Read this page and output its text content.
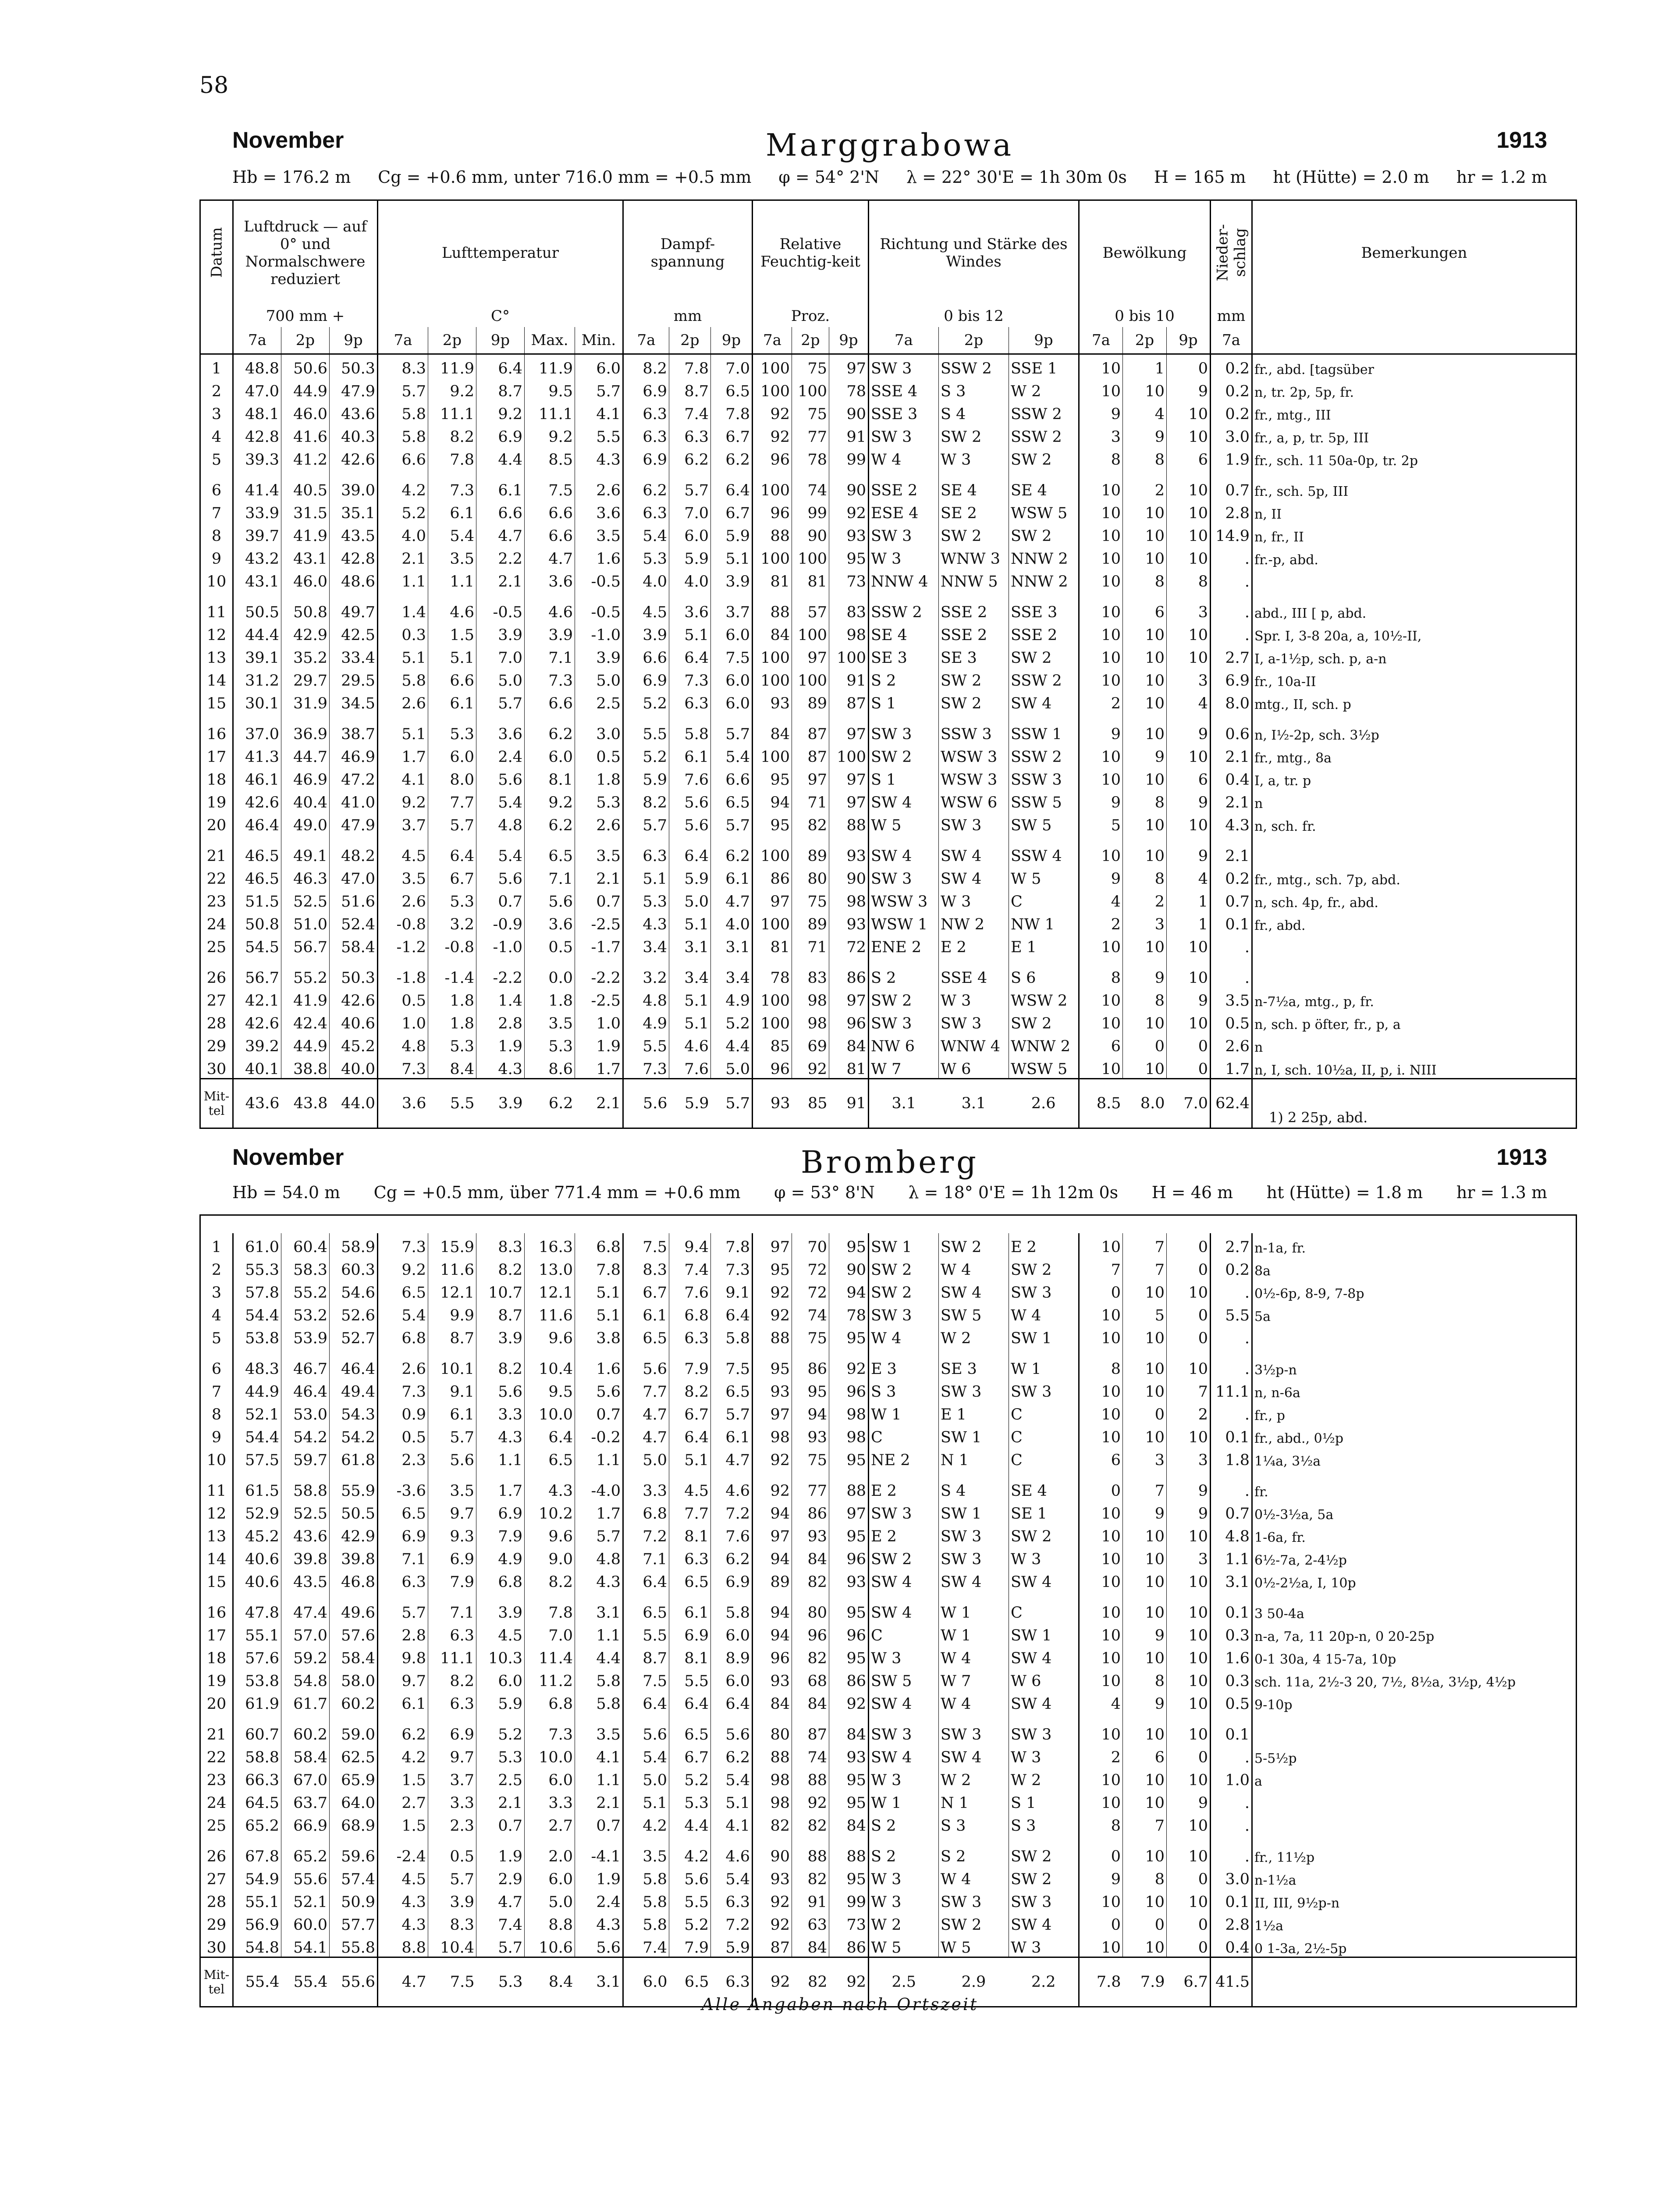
58
November	Marggrabowa	1913
Hb = 176.2 m Cg = +0.6 mm, unter 716.0 mm = +0.5 mm φ = 54° 2'N λ = 22° 30'E = 1h 30m 0s H = 165 m ht (Hütte) = 2.0 m hr = 1.2 m
Datum	Luftdruck — auf 0° und Normalschwere reduziert			Lufttemperatur					Dampf-spannung			Relative Feuchtig-keit			Richtung und Stärke des Windes			Bewölkung			Nieder-schlag	Bemerkungen
	700 mm +			C°					mm			Proz.			0 bis 12			0 bis 10			mm	
	7a	2p	9p	7a	2p	9p	Max.	Min.	7a	2p	9p	7a	2p	9p	7a	2p	9p	7a	2p	9p	7a	
1	48.8	50.6	50.3	8.3	11.9	6.4	11.9	6.0	8.2	7.8	7.0	100	75	97	SW 3	SSW 2	SSE 1	10	1	0	0.2	fr., abd. [tagsüber
2	47.0	44.9	47.9	5.7	9.2	8.7	9.5	5.7	6.9	8.7	6.5	100	100	78	SSE 4	S 3	W 2	10	10	9	0.2	n, tr. 2p, 5p, fr.
3	48.1	46.0	43.6	5.8	11.1	9.2	11.1	4.1	6.3	7.4	7.8	92	75	90	SSE 3	S 4	SSW 2	9	4	10	0.2	fr., mtg., III
4	42.8	41.6	40.3	5.8	8.2	6.9	9.2	5.5	6.3	6.3	6.7	92	77	91	SW 3	SW 2	SSW 2	3	9	10	3.0	fr., a, p, tr. 5p, III
5	39.3	41.2	42.6	6.6	7.8	4.4	8.5	4.3	6.9	6.2	6.2	96	78	99	W 4	W 3	SW 2	8	8	6	1.9	fr., sch. 11 50a-0p, tr. 2p
6	41.4	40.5	39.0	4.2	7.3	6.1	7.5	2.6	6.2	5.7	6.4	100	74	90	SSE 2	SE 4	SE 4	10	2	10	0.7	fr., sch. 5p, III
7	33.9	31.5	35.1	5.2	6.1	6.6	6.6	3.6	6.3	7.0	6.7	96	99	92	ESE 4	SE 2	WSW 5	10	10	10	2.8	n, II
8	39.7	41.9	43.5	4.0	5.4	4.7	6.6	3.5	5.4	6.0	5.9	88	90	93	SW 3	SW 2	SW 2	10	10	10	14.9	n, fr., II
9	43.2	43.1	42.8	2.1	3.5	2.2	4.7	1.6	5.3	5.9	5.1	100	100	95	W 3	WNW 3	NNW 2	10	10	10	.	fr.-p, abd.
10	43.1	46.0	48.6	1.1	1.1	2.1	3.6	-0.5	4.0	4.0	3.9	81	81	73	NNW 4	NNW 5	NNW 2	10	8	8	.	
11	50.5	50.8	49.7	1.4	4.6	-0.5	4.6	-0.5	4.5	3.6	3.7	88	57	83	SSW 2	SSE 2	SSE 3	10	6	3	.	abd., III [ p, abd.
12	44.4	42.9	42.5	0.3	1.5	3.9	3.9	-1.0	3.9	5.1	6.0	84	100	98	SE 4	SSE 2	SSE 2	10	10	10	.	Spr. I, 3-8 20a, a, 10½-II,
13	39.1	35.2	33.4	5.1	5.1	7.0	7.1	3.9	6.6	6.4	7.5	100	97	100	SE 3	SE 3	SW 2	10	10	10	2.7	I, a-1½p, sch. p, a-n
14	31.2	29.7	29.5	5.8	6.6	5.0	7.3	5.0	6.9	7.3	6.0	100	100	91	S 2	SW 2	SSW 2	10	10	3	6.9	fr., 10a-II
15	30.1	31.9	34.5	2.6	6.1	5.7	6.6	2.5	5.2	6.3	6.0	93	89	87	S 1	SW 2	SW 4	2	10	4	8.0	mtg., II, sch. p
16	37.0	36.9	38.7	5.1	5.3	3.6	6.2	3.0	5.5	5.8	5.7	84	87	97	SW 3	SSW 3	SSW 1	9	10	9	0.6	n, I½-2p, sch. 3½p
17	41.3	44.7	46.9	1.7	6.0	2.4	6.0	0.5	5.2	6.1	5.4	100	87	100	SW 2	WSW 3	SSW 2	10	9	10	2.1	fr., mtg., 8a
18	46.1	46.9	47.2	4.1	8.0	5.6	8.1	1.8	5.9	7.6	6.6	95	97	97	S 1	WSW 3	SSW 3	10	10	6	0.4	I, a, tr. p
19	42.6	40.4	41.0	9.2	7.7	5.4	9.2	5.3	8.2	5.6	6.5	94	71	97	SW 4	WSW 6	SSW 5	9	8	9	2.1	n
20	46.4	49.0	47.9	3.7	5.7	4.8	6.2	2.6	5.7	5.6	5.7	95	82	88	W 5	SW 3	SW 5	5	10	10	4.3	n, sch. fr.
21	46.5	49.1	48.2	4.5	6.4	5.4	6.5	3.5	6.3	6.4	6.2	100	89	93	SW 4	SW 4	SSW 4	10	10	9	2.1	
22	46.5	46.3	47.0	3.5	6.7	5.6	7.1	2.1	5.1	5.9	6.1	86	80	90	SW 3	SW 4	W 5	9	8	4	0.2	fr., mtg., sch. 7p, abd.
23	51.5	52.5	51.6	2.6	5.3	0.7	5.6	0.7	5.3	5.0	4.7	97	75	98	WSW 3	W 3	C	4	2	1	0.7	n, sch. 4p, fr., abd.
24	50.8	51.0	52.4	-0.8	3.2	-0.9	3.6	-2.5	4.3	5.1	4.0	100	89	93	WSW 1	NW 2	NW 1	2	3	1	0.1	fr., abd.
25	54.5	56.7	58.4	-1.2	-0.8	-1.0	0.5	-1.7	3.4	3.1	3.1	81	71	72	ENE 2	E 2	E 1	10	10	10	.	
26	56.7	55.2	50.3	-1.8	-1.4	-2.2	0.0	-2.2	3.2	3.4	3.4	78	83	86	S 2	SSE 4	S 6	8	9	10	.	
27	42.1	41.9	42.6	0.5	1.8	1.4	1.8	-2.5	4.8	5.1	4.9	100	98	97	SW 2	W 3	WSW 2	10	8	9	3.5	n-7½a, mtg., p, fr.
28	42.6	42.4	40.6	1.0	1.8	2.8	3.5	1.0	4.9	5.1	5.2	100	98	96	SW 3	SW 3	SW 2	10	10	10	0.5	n, sch. p öfter, fr., p, a
29	39.2	44.9	45.2	4.8	5.3	1.9	5.3	1.9	5.5	4.6	4.4	85	69	84	NW 6	WNW 4	WNW 2	6	0	0	2.6	n
30	40.1	38.8	40.0	7.3	8.4	4.3	8.6	1.7	7.3	7.6	5.0	96	92	81	W 7	W 6	WSW 5	10	10	0	1.7	n, I, sch. 10½a, II, p, i. NIII
Mit-tel	43.6	43.8	44.0	3.6	5.5	3.9	6.2	2.1	5.6	5.9	5.7	93	85	91	3.1	3.1	2.6	8.5	8.0	7.0	62.4	
1) 2 25p, abd.
November	Bromberg	1913
Hb = 54.0 m Cg = +0.5 mm, über 771.4 mm = +0.6 mm φ = 53° 8'N λ = 18° 0'E = 1h 12m 0s H = 46 m ht (Hütte) = 1.8 m hr = 1.3 m

1	61.0	60.4	58.9	7.3	15.9	8.3	16.3	6.8	7.5	9.4	7.8	97	70	95	SW 1	SW 2	E 2	10	7	0	2.7	n-1a, fr.
2	55.3	58.3	60.3	9.2	11.6	8.2	13.0	7.8	8.3	7.4	7.3	95	72	90	SW 2	W 4	SW 2	7	7	0	0.2	8a
3	57.8	55.2	54.6	6.5	12.1	10.7	12.1	5.1	6.7	7.6	9.1	92	72	94	SW 2	SW 4	SW 3	0	10	10	.	0½-6p, 8-9, 7-8p
4	54.4	53.2	52.6	5.4	9.9	8.7	11.6	5.1	6.1	6.8	6.4	92	74	78	SW 3	SW 5	W 4	10	5	0	5.5	5a
5	53.8	53.9	52.7	6.8	8.7	3.9	9.6	3.8	6.5	6.3	5.8	88	75	95	W 4	W 2	SW 1	10	10	0	.	
6	48.3	46.7	46.4	2.6	10.1	8.2	10.4	1.6	5.6	7.9	7.5	95	86	92	E 3	SE 3	W 1	8	10	10	.	3½p-n
7	44.9	46.4	49.4	7.3	9.1	5.6	9.5	5.6	7.7	8.2	6.5	93	95	96	S 3	SW 3	SW 3	10	10	7	11.1	n, n-6a
8	52.1	53.0	54.3	0.9	6.1	3.3	10.0	0.7	4.7	6.7	5.7	97	94	98	W 1	E 1	C	10	0	2	.	fr., p
9	54.4	54.2	54.2	0.5	5.7	4.3	6.4	-0.2	4.7	6.4	6.1	98	93	98	C	SW 1	C	10	10	10	0.1	fr., abd., 0½p
10	57.5	59.7	61.8	2.3	5.6	1.1	6.5	1.1	5.0	5.1	4.7	92	75	95	NE 2	N 1	C	6	3	3	1.8	1¼a, 3½a
11	61.5	58.8	55.9	-3.6	3.5	1.7	4.3	-4.0	3.3	4.5	4.6	92	77	88	E 2	S 4	SE 4	0	7	9	.	fr.
12	52.9	52.5	50.5	6.5	9.7	6.9	10.2	1.7	6.8	7.7	7.2	94	86	97	SW 3	SW 1	SE 1	10	9	9	0.7	0½-3½a, 5a
13	45.2	43.6	42.9	6.9	9.3	7.9	9.6	5.7	7.2	8.1	7.6	97	93	95	E 2	SW 3	SW 2	10	10	10	4.8	1-6a, fr.
14	40.6	39.8	39.8	7.1	6.9	4.9	9.0	4.8	7.1	6.3	6.2	94	84	96	SW 2	SW 3	W 3	10	10	3	1.1	6½-7a, 2-4½p
15	40.6	43.5	46.8	6.3	7.9	6.8	8.2	4.3	6.4	6.5	6.9	89	82	93	SW 4	SW 4	SW 4	10	10	10	3.1	0½-2½a, I, 10p
16	47.8	47.4	49.6	5.7	7.1	3.9	7.8	3.1	6.5	6.1	5.8	94	80	95	SW 4	W 1	C	10	10	10	0.1	3 50-4a
17	55.1	57.0	57.6	2.8	6.3	4.5	7.0	1.1	5.5	6.9	6.0	94	96	96	C	W 1	SW 1	10	9	10	0.3	n-a, 7a, 11 20p-n, 0 20-25p
18	57.6	59.2	58.4	9.8	11.1	10.3	11.4	4.4	8.7	8.1	8.9	96	82	95	W 3	W 4	SW 4	10	10	10	1.6	0-1 30a, 4 15-7a, 10p
19	53.8	54.8	58.0	9.7	8.2	6.0	11.2	5.8	7.5	5.5	6.0	93	68	86	SW 5	W 7	W 6	10	8	10	0.3	sch. 11a, 2½-3 20, 7½, 8½a, 3½p, 4½p
20	61.9	61.7	60.2	6.1	6.3	5.9	6.8	5.8	6.4	6.4	6.4	84	84	92	SW 4	W 4	SW 4	4	9	10	0.5	9-10p
21	60.7	60.2	59.0	6.2	6.9	5.2	7.3	3.5	5.6	6.5	5.6	80	87	84	SW 3	SW 3	SW 3	10	10	10	0.1	
22	58.8	58.4	62.5	4.2	9.7	5.3	10.0	4.1	5.4	6.7	6.2	88	74	93	SW 4	SW 4	W 3	2	6	0	.	5-5½p
23	66.3	67.0	65.9	1.5	3.7	2.5	6.0	1.1	5.0	5.2	5.4	98	88	95	W 3	W 2	W 2	10	10	10	1.0	a
24	64.5	63.7	64.0	2.7	3.3	2.1	3.3	2.1	5.1	5.3	5.1	98	92	95	W 1	N 1	S 1	10	10	9	.	
25	65.2	66.9	68.9	1.5	2.3	0.7	2.7	0.7	4.2	4.4	4.1	82	82	84	S 2	S 3	S 3	8	7	10	.	
26	67.8	65.2	59.6	-2.4	0.5	1.9	2.0	-4.1	3.5	4.2	4.6	90	88	88	S 2	S 2	SW 2	0	10	10	.	fr., 11½p
27	54.9	55.6	57.4	4.5	5.7	2.9	6.0	1.9	5.8	5.6	5.4	93	82	95	W 3	W 4	SW 2	9	8	0	3.0	n-1½a
28	55.1	52.1	50.9	4.3	3.9	4.7	5.0	2.4	5.8	5.5	6.3	92	91	99	W 3	SW 3	SW 3	10	10	10	0.1	II, III, 9½p-n
29	56.9	60.0	57.7	4.3	8.3	7.4	8.8	4.3	5.8	5.2	7.2	92	63	73	W 2	SW 2	SW 4	0	0	0	2.8	1½a
30	54.8	54.1	55.8	8.8	10.4	5.7	10.6	5.6	7.4	7.9	5.9	87	84	86	W 5	W 5	W 3	10	10	0	0.4	0 1-3a, 2½-5p
Mit-tel	55.4	55.4	55.6	4.7	7.5	5.3	8.4	3.1	6.0	6.5	6.3	92	82	92	2.5	2.9	2.2	7.8	7.9	6.7	41.5	
Alle Angaben nach Ortszeit
